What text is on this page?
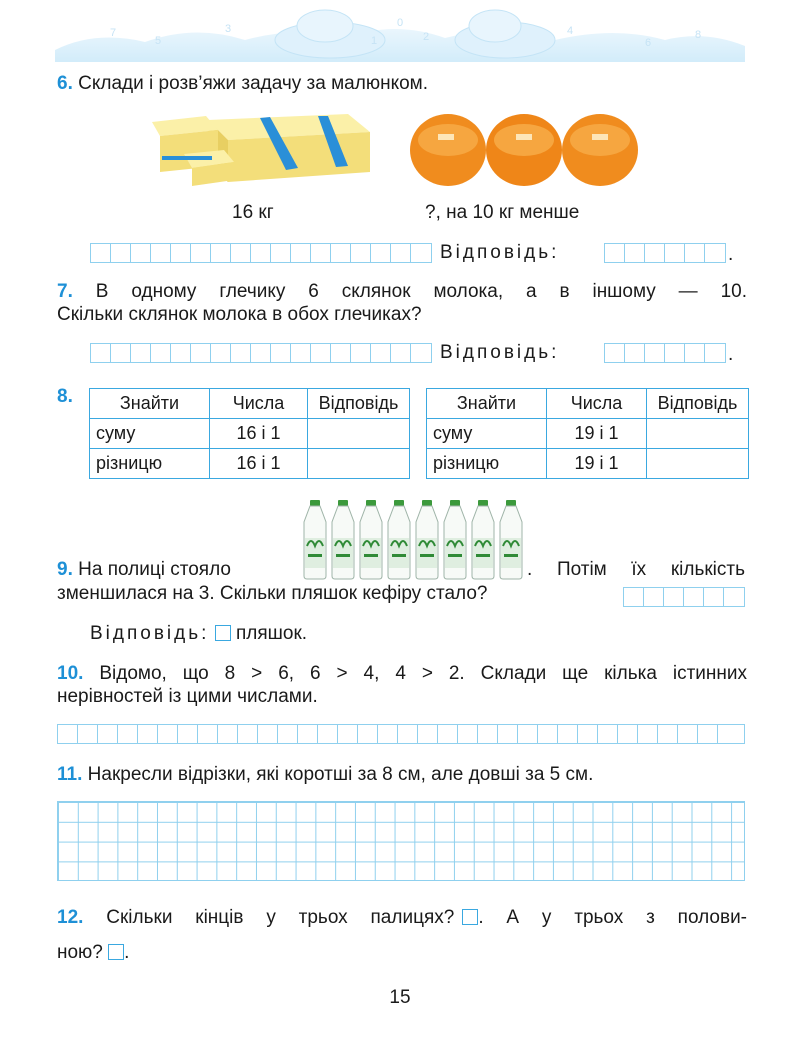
7
5
3
1
0
2	4
6
8
6. Склади і розв’яжи задачу за малюнком.
16 кг	?, на 10 кг менше
Відповідь:	.
7. В одному глечику 6 склянок молока, а в іншому — 10.
Скільки склянок молока в обох глечиках?
Відповідь:	.
8.	Знайти	Числа	Відповідь
суму	16 і 1	
різницю	16 і 1	
Знайти	Числа	Відповідь
суму	19 і 1	
різницю	19 і 1	
9. На полиці стояло	. Потім їх кількість
зменшилася на 3. Скільки пляшок кефіру стало?
Відповідь: пляшок.
10. Відомо, що 8 > 6, 6 > 4, 4 > 2. Склади ще кілька істинних
нерівностей із цими числами.
11. Накресли відрізки, які коротші за 8 см, але довші за 5 см.
12. Скільки кінців у трьох палицях? . А у трьох з полови-
ною? .
15
